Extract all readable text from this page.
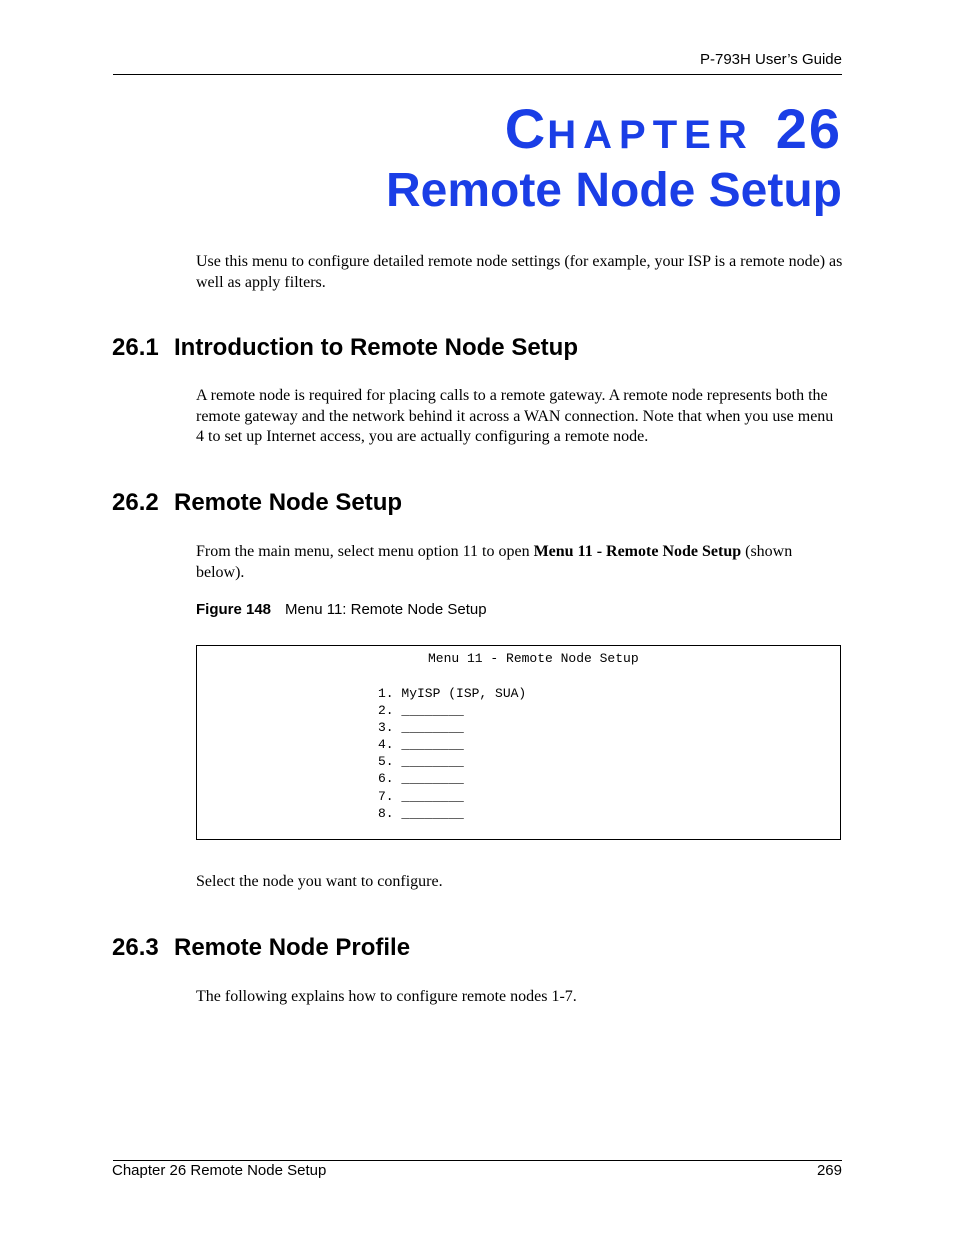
P-793H User’s Guide
CHAPTER 26
Remote Node Setup
Use this menu to configure detailed remote node settings (for example, your ISP is a remote node) as well as apply filters.
26.1 Introduction to Remote Node Setup
A remote node is required for placing calls to a remote gateway. A remote node represents both the remote gateway and the network behind it across a WAN connection. Note that when you use menu 4 to set up Internet access, you are actually configuring a remote node.
26.2 Remote Node Setup
From the main menu, select menu option 11 to open Menu 11 - Remote Node Setup (shown below).
Figure 148 Menu 11: Remote Node Setup
Menu 11 - Remote Node Setup
1. MyISP (ISP, SUA)
2. ________
3. ________
4. ________
5. ________
6. ________
7. ________
8. ________
Select the node you want to configure.
26.3 Remote Node Profile
The following explains how to configure remote nodes 1-7.
Chapter 26 Remote Node Setup	269
